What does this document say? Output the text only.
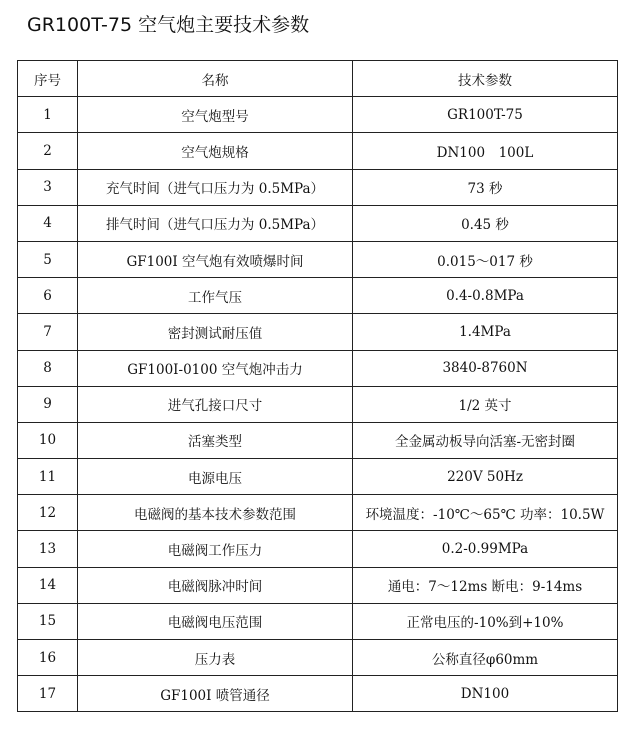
GR100T-75 空气炮主要技术参数
序号	名称	技术参数
1	空气炮型号	GR100T-75
2	空气炮规格	DN100　100L
3	充气时间（进气口压力为 0.5MPa）	73 秒
4	排气时间（进气口压力为 0.5MPa）	0.45 秒
5	GF100I 空气炮有效喷爆时间	0.015～017 秒
6	工作气压	0.4-0.8MPa
7	密封测试耐压值	1.4MPa
8	GF100I-0100 空气炮冲击力	3840-8760N
9	进气孔接口尺寸	1/2 英寸
10	活塞类型	全金属动板导向活塞-无密封圈
11	电源电压	220V 50Hz
12	电磁阀的基本技术参数范围	环境温度：-10℃～65℃ 功率：10.5W
13	电磁阀工作压力	0.2-0.99MPa
14	电磁阀脉冲时间	通电：7～12ms 断电：9-14ms
15	电磁阀电压范围	正常电压的-10%到+10%
16	压力表	公称直径φ60mm
17	GF100I 喷管通径	DN100
